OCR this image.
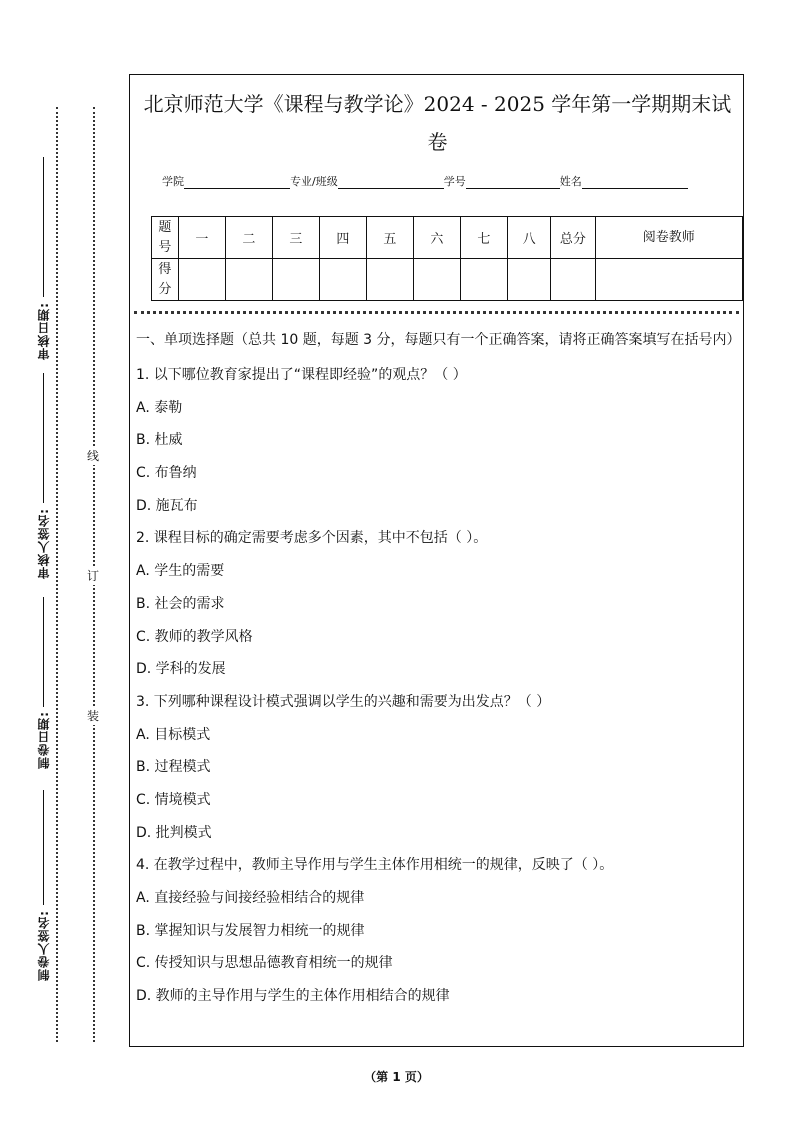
审核日期:
审核人签名:
制卷日期:
制卷人签名:
线
订
装
北京师范大学《课程与教学论》2024 - 2025 学年第一学期期末试卷
学院	专业/班级	学号	姓名
题号	一	二	三	四	五	六	七	八	总分	阅卷教师
得分										
一、单项选择题（总共 10 题，每题 3 分，每题只有一个正确答案，请将正确答案填写在括号内）
1. 以下哪位教育家提出了“课程即经验”的观点？（ ）
A. 泰勒
B. 杜威
C. 布鲁纳
D. 施瓦布
2. 课程目标的确定需要考虑多个因素，其中不包括（ ）。
A. 学生的需要
B. 社会的需求
C. 教师的教学风格
D. 学科的发展
3. 下列哪种课程设计模式强调以学生的兴趣和需要为出发点？（ ）
A. 目标模式
B. 过程模式
C. 情境模式
D. 批判模式
4. 在教学过程中，教师主导作用与学生主体作用相统一的规律，反映了（ ）。
A. 直接经验与间接经验相结合的规律
B. 掌握知识与发展智力相统一的规律
C. 传授知识与思想品德教育相统一的规律
D. 教师的主导作用与学生的主体作用相结合的规律
（第 1 页）
